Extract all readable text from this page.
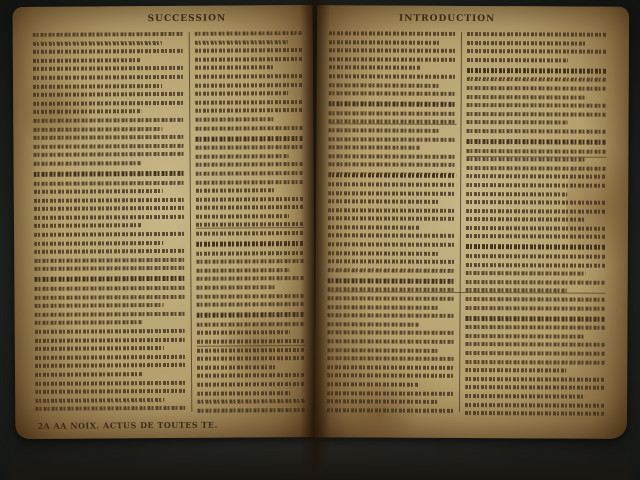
SUCCESSION
2A AA NOIX. ACTUS DE TOUTES TE.
INTRODUCTION
